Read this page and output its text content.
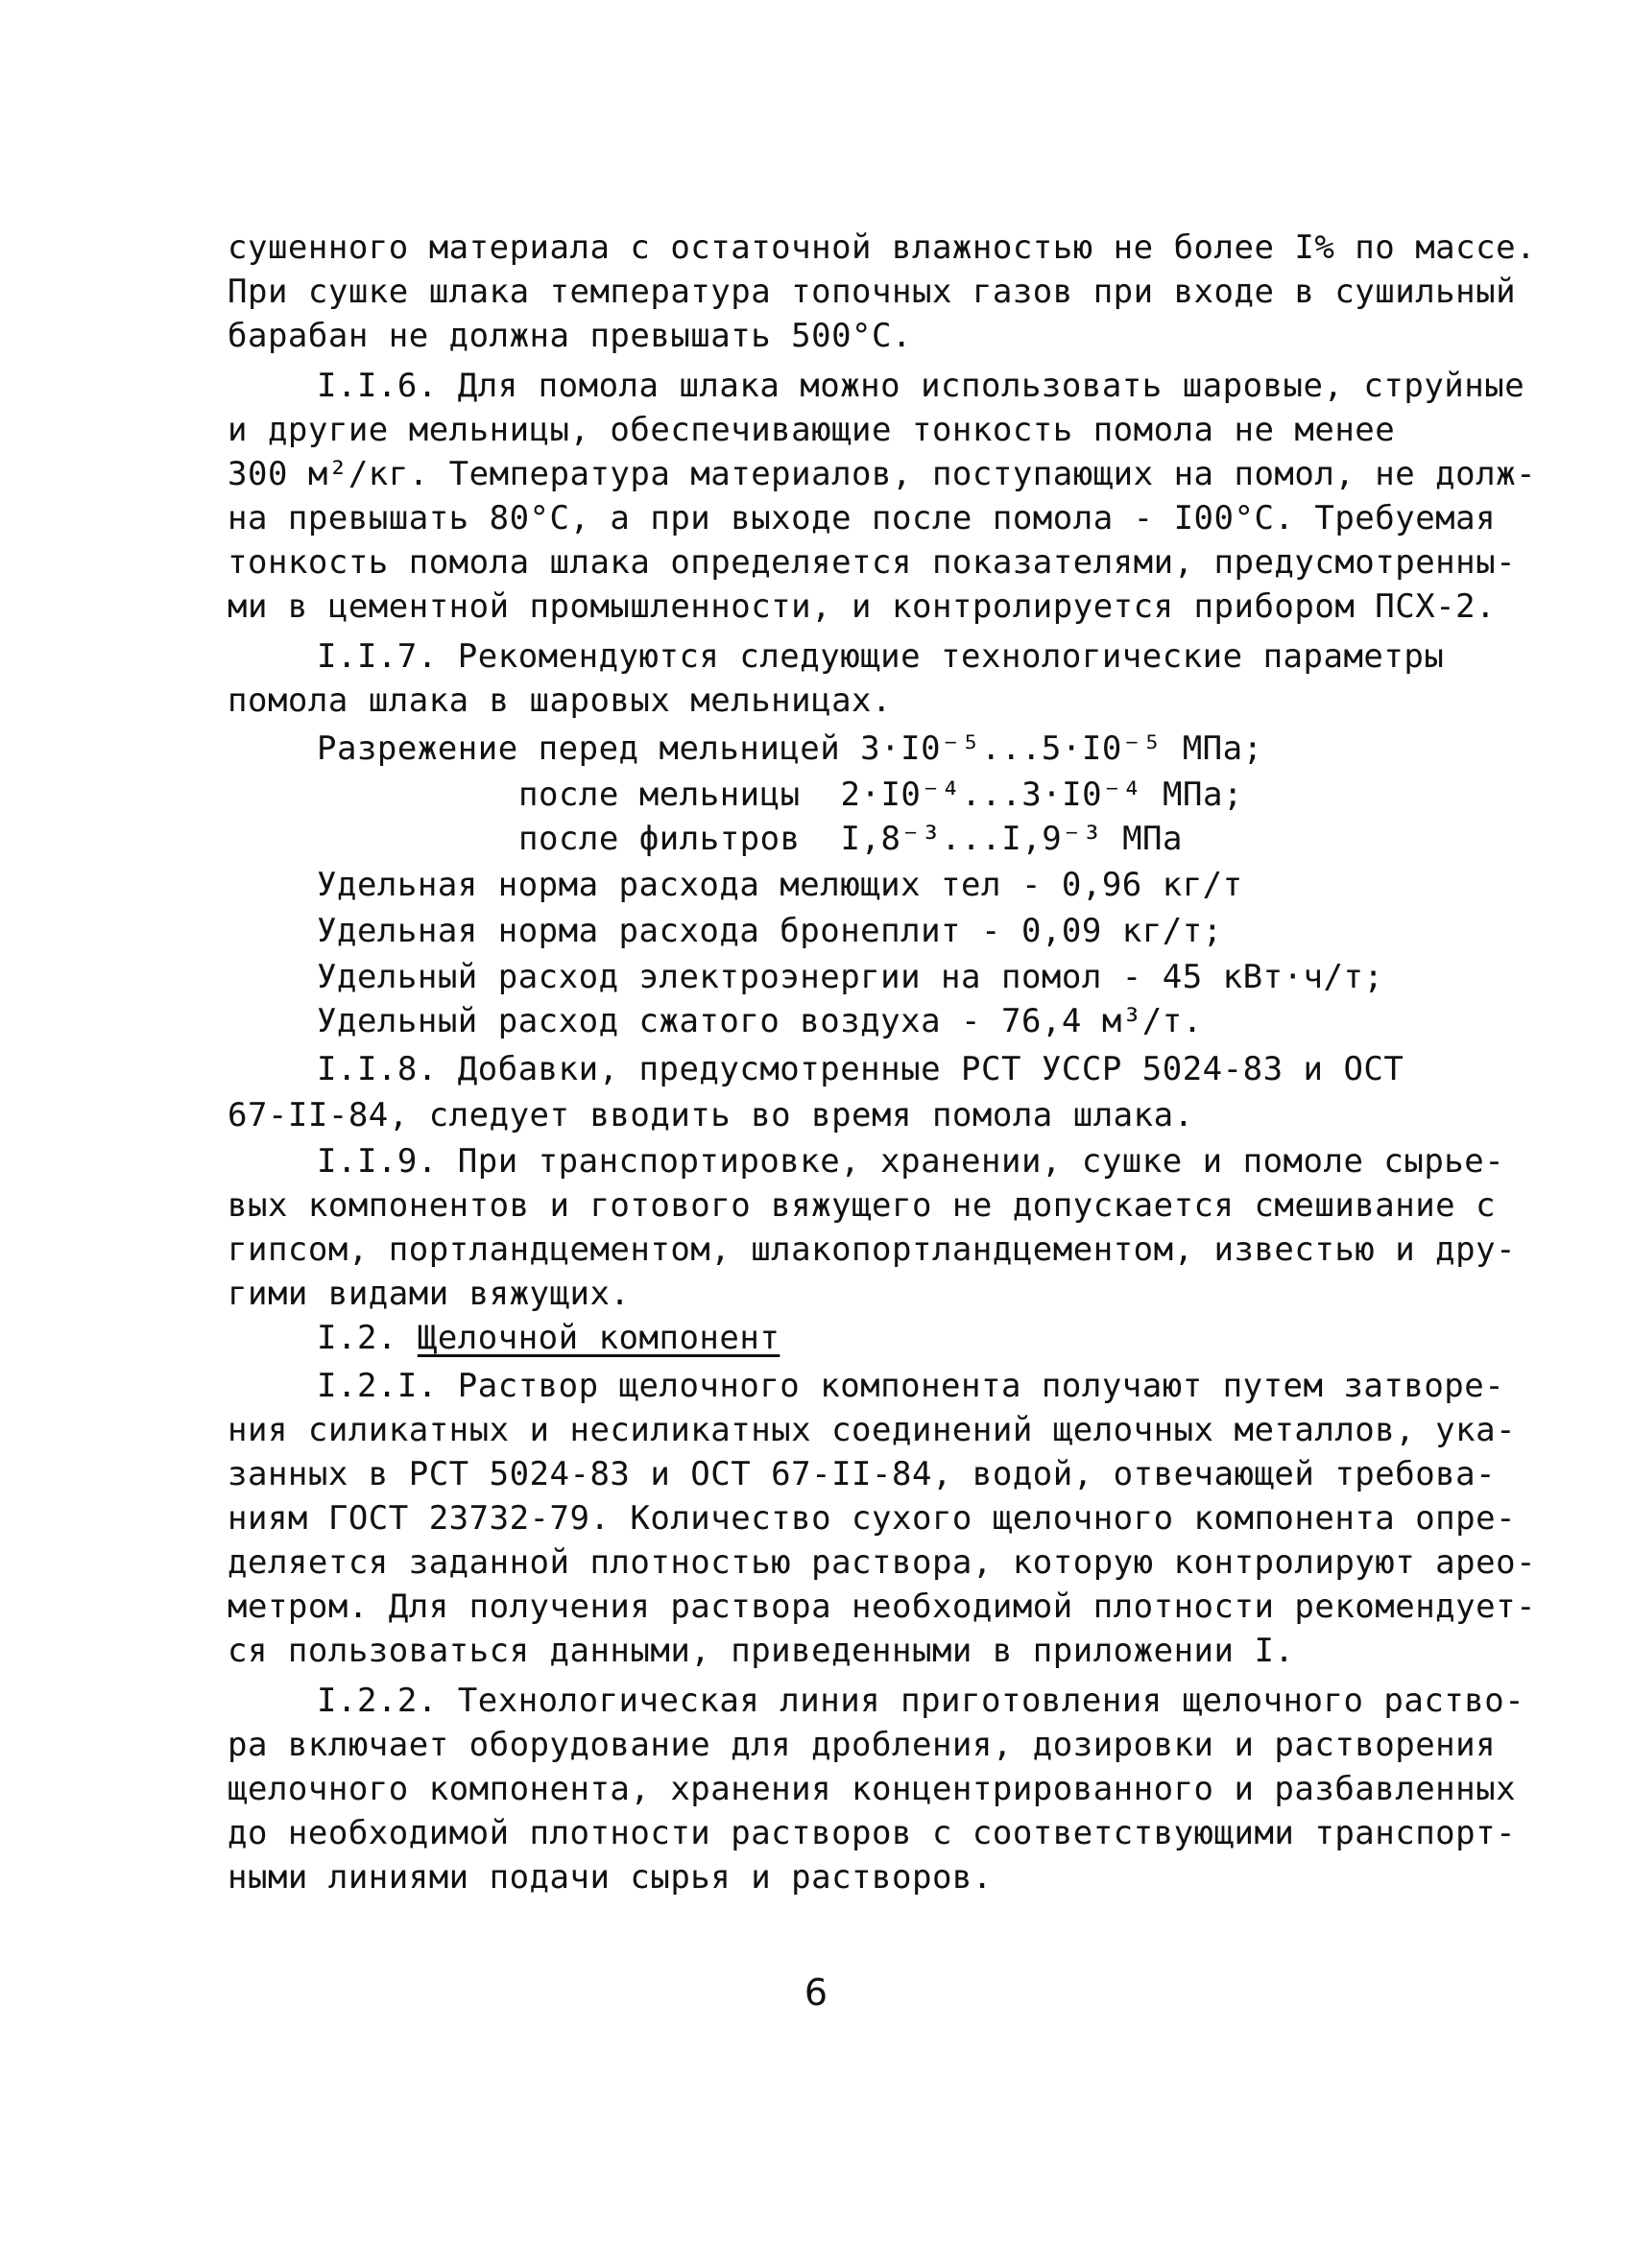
сушенного материала с остаточной влажностью не более I% по массе.
При сушке шлака температура топочных газов при входе в сушильный
барабан не должна превышать 500°C.
I.I.6. Для помола шлака можно использовать шаровые, струйные
и другие мельницы, обеспечивающие тонкость помола не менее
300 м²/кг. Температура материалов, поступающих на помол, не долж-
на превышать 80°C, а при выходе после помола - I00°C. Требуемая
тонкость помола шлака определяется показателями, предусмотренны-
ми в цементной промышленности, и контролируется прибором ПСХ-2.
I.I.7. Рекомендуются следующие технологические параметры
помола шлака в шаровых мельницах.
Разрежение перед мельницей 3·I0⁻⁵...5·I0⁻⁵ МПа;
после мельницы  2·I0⁻⁴...3·I0⁻⁴ МПа;
после фильтров  I,8⁻³...I,9⁻³ МПа
Удельная норма расхода мелющих тел - 0,96 кг/т
Удельная норма расхода бронеплит - 0,09 кг/т;
Удельный расход электроэнергии на помол - 45 кВт·ч/т;
Удельный расход сжатого воздуха - 76,4 м³/т.
I.I.8. Добавки, предусмотренные РСТ УССР 5024-83 и ОСТ
67-II-84, следует вводить во время помола шлака.
I.I.9. При транспортировке, хранении, сушке и помоле сырье-
вых компонентов и готового вяжущего не допускается смешивание с
гипсом, портландцементом, шлакопортландцементом, известью и дру-
гими видами вяжущих.
I.2. Щелочной компонент
I.2.I. Раствор щелочного компонента получают путем затворе-
ния силикатных и несиликатных соединений щелочных металлов, ука-
занных в РСТ 5024-83 и ОСТ 67-II-84, водой, отвечающей требова-
ниям ГОСТ 23732-79. Количество сухого щелочного компонента опре-
деляется заданной плотностью раствора, которую контролируют арео-
метром. Для получения раствора необходимой плотности рекомендует-
ся пользоваться данными, приведенными в приложении I.
I.2.2. Технологическая линия приготовления щелочного раство-
ра включает оборудование для дробления, дозировки и растворения
щелочного компонента, хранения концентрированного и разбавленных
до необходимой плотности растворов с соответствующими транспорт-
ными линиями подачи сырья и растворов.
6
